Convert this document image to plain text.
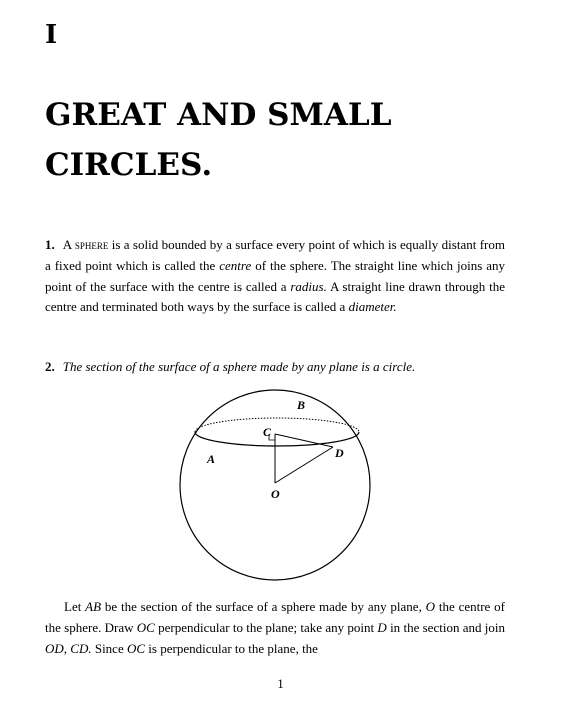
I
GREAT AND SMALL
CIRCLES.

1. A sphere is a solid bounded by a surface every point of which is equally distant from a fixed point which is called the centre of the sphere. The straight line which joins any point of the surface with the centre is called a radius. A straight line drawn through the centre and terminated both ways by the surface is called a diameter.

2. The section of the surface of a sphere made by any plane is a circle.

B
C
A	D
O

Let AB be the section of the surface of a sphere made by any plane, O the centre of the sphere. Draw OC perpendicular to the plane; take any point D in the section and join OD, CD. Since OC is perpendicular to the plane, the

1
